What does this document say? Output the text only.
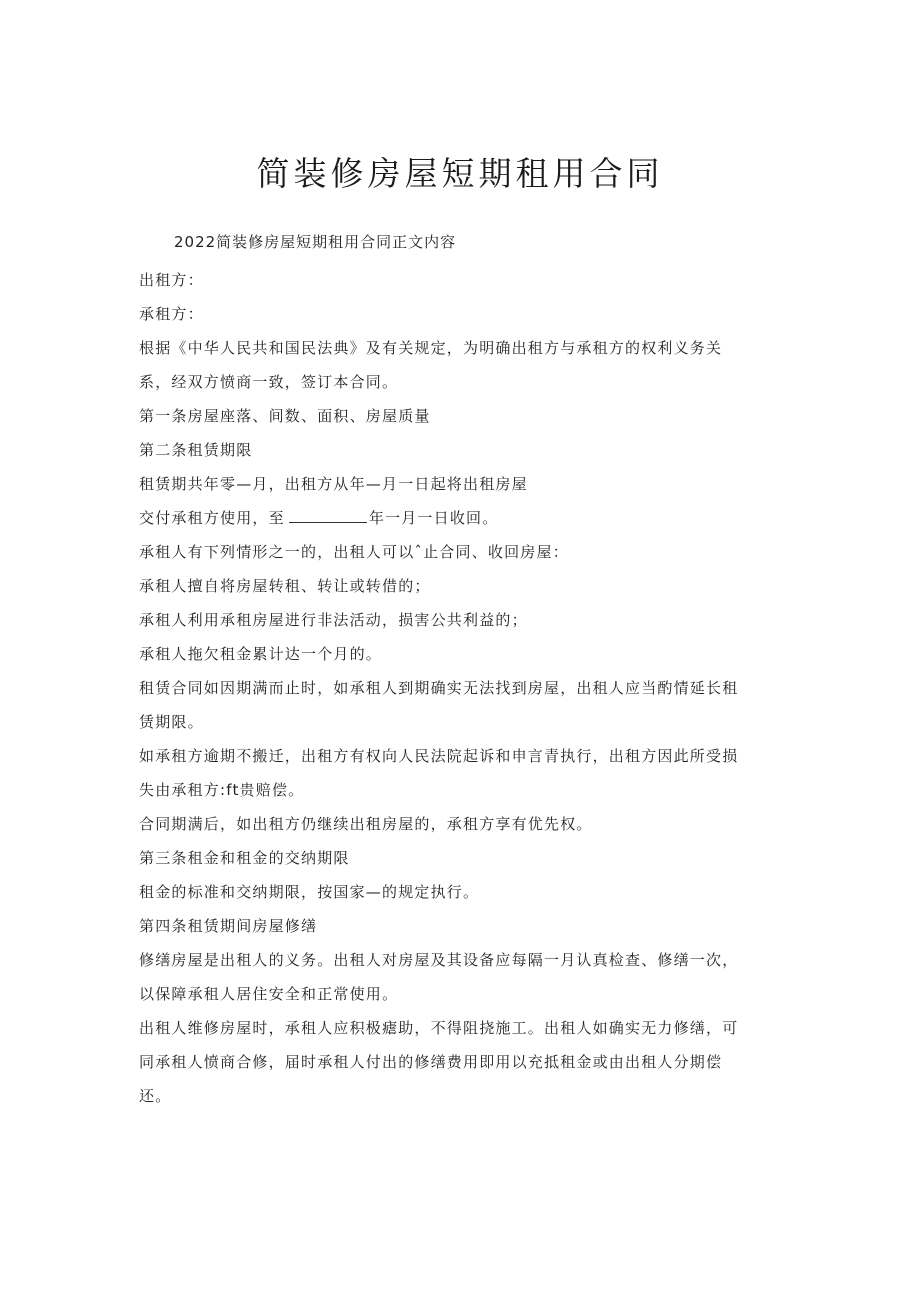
简装修房屋短期租用合同
2022简装修房屋短期租用合同正文内容
出租方：
承租方：
根据《中华人民共和国民法典》及有关规定，为明确出租方与承租方的权利义务关
系，经双方愤商一致，签订本合同。
第一条房屋座落、间数、面积、房屋质量
第二条租赁期限
租赁期共年零—月，出租方从年—月一日起将出租房屋
交付承租方使用，至	年一月一日收回。
承租人有下列情形之一的，出租人可以ˆ止合同、收回房屋：
承租人擅自将房屋转租、转让或转借的；
承租人利用承租房屋进行非法活动，损害公共利益的；
承租人拖欠租金累计达一个月的。
租赁合同如因期满而止时，如承租人到期确实无法找到房屋，出租人应当酌情延长租
赁期限。
如承租方逾期不搬迁，出租方有权向人民法院起诉和申言青执行，出租方因此所受损
失由承租方:ft贵赔偿。
合同期满后，如出租方仍继续出租房屋的，承租方享有优先权。
第三条租金和租金的交纳期限
租金的标准和交纳期限，按国家—的规定执行。
第四条租赁期间房屋修缮
修缮房屋是出租人的义务。出租人对房屋及其设备应每隔一月认真检查、修缮一次，
以保障承租人居住安全和正常使用。
出租人维修房屋时，承租人应积极瘧助，不得阻挠施工。出租人如确实无力修缮，可
同承租人愤商合修，届时承租人付出的修缮费用即用以充抵租金或由出租人分期偿
还。
